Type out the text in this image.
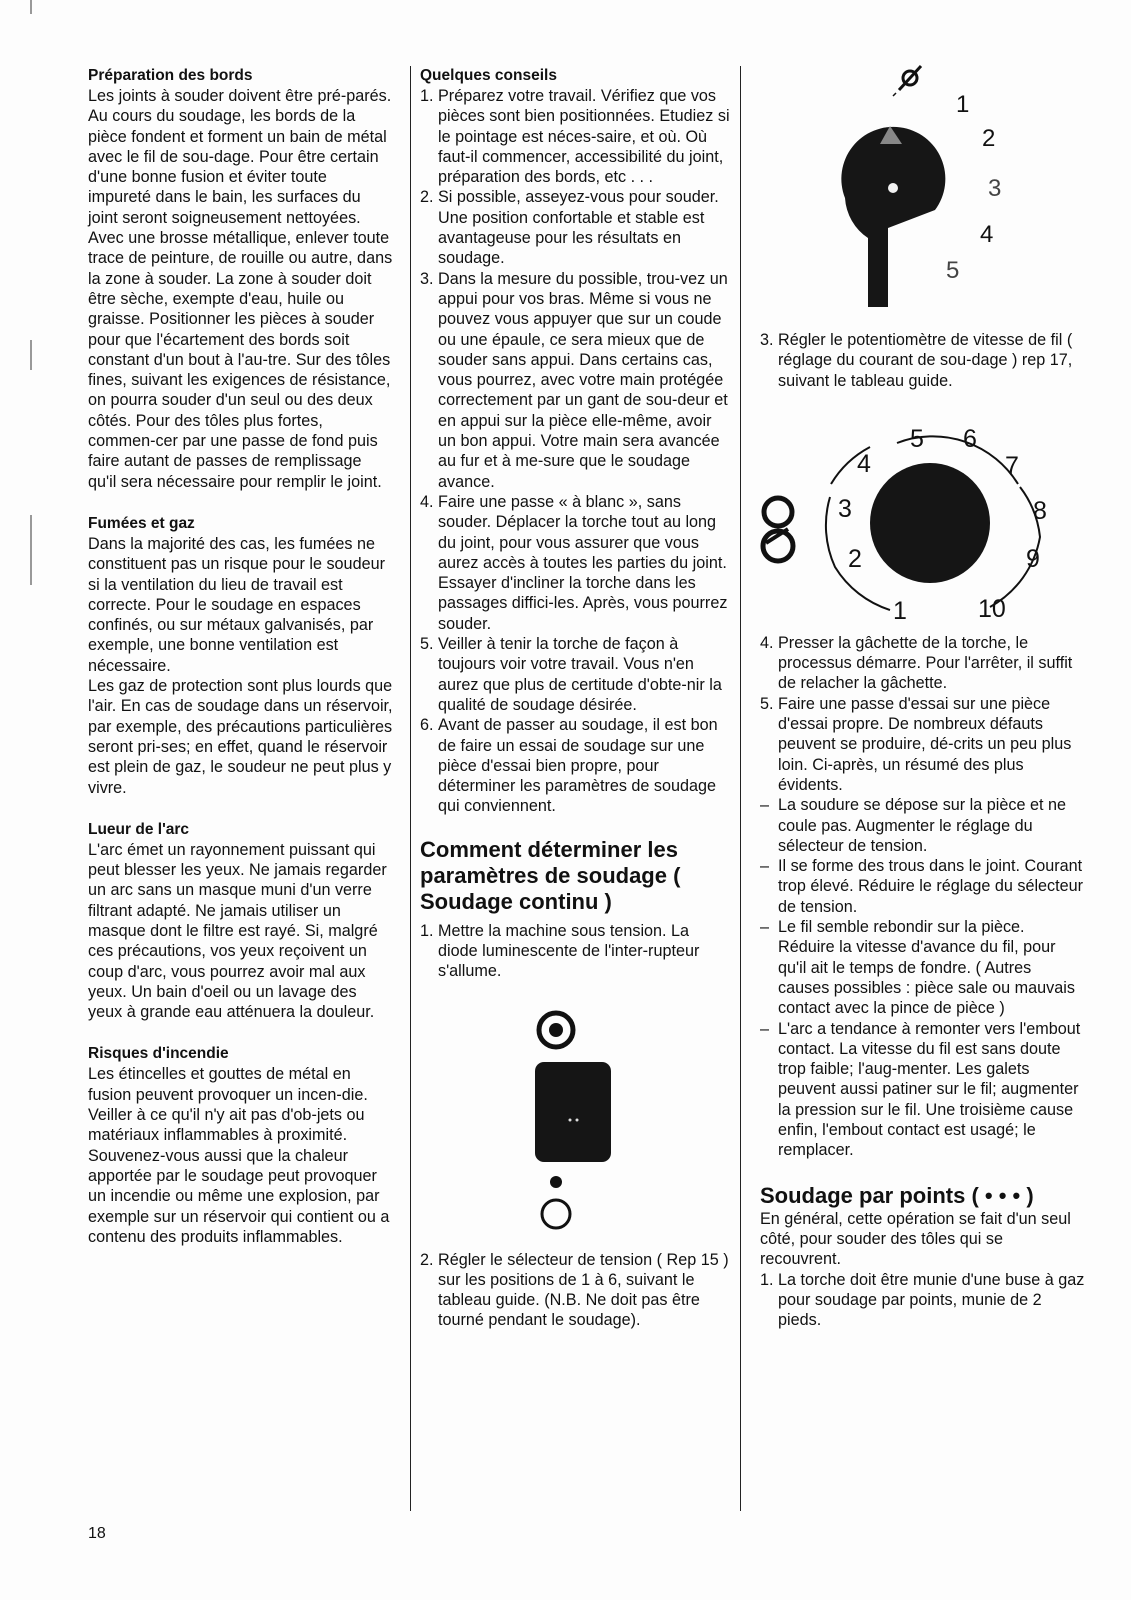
Préparation des bords

Les joints à souder doivent être pré-parés. Au cours du soudage, les bords de la pièce fondent et forment un bain de métal avec le fil de sou-dage. Pour être certain d'une bonne fusion et éviter toute impureté dans le bain, les surfaces du joint seront soigneusement nettoyées. Avec une brosse métallique, enlever toute trace de peinture, de rouille ou autre, dans la zone à souder. La zone à souder doit être sèche, exempte d'eau, huile ou graisse. Positionner les pièces à souder pour que l'écartement des bords soit constant d'un bout à l'au-tre. Sur des tôles fines, suivant les exigences de résistance, on pourra souder d'un seul ou des deux côtés. Pour des tôles plus fortes, commen-cer par une passe de fond puis faire autant de passes de remplissage qu'il sera nécessaire pour remplir le joint.

Fumées et gaz

Dans la majorité des cas, les fumées ne constituent pas un risque pour le soudeur si la ventilation du lieu de travail est correcte. Pour le soudage en espaces confinés, ou sur métaux galvanisés, par exemple, une bonne ventilation est nécessaire.

Les gaz de protection sont plus lourds que l'air. En cas de soudage dans un réservoir, par exemple, des précautions particulières seront pri-ses; en effet, quand le réservoir est plein de gaz, le soudeur ne peut plus y vivre.

Lueur de l'arc

L'arc émet un rayonnement puissant qui peut blesser les yeux. Ne jamais regarder un arc sans un masque muni d'un verre filtrant adapté. Ne jamais utiliser un masque dont le filtre est rayé. Si, malgré ces précautions, vos yeux reçoivent un coup d'arc, vous pourrez avoir mal aux yeux. Un bain d'oeil ou un lavage des yeux à grande eau atténuera la douleur.

Risques d'incendie

Les étincelles et gouttes de métal en fusion peuvent provoquer un incen-die. Veiller à ce qu'il n'y ait pas d'ob-jets ou matériaux inflammables à proximité. Souvenez-vous aussi que la chaleur apportée par le soudage peut provoquer un incendie ou même une explosion, par exemple sur un réservoir qui contient ou a contenu des produits inflammables.

Quelques conseils
1. Préparez votre travail. Vérifiez que vos pièces sont bien positionnées. Etudiez si le pointage est néces-saire, et où. Où faut-il commencer, accessibilité du joint, préparation des bords, etc . . .
2. Si possible, asseyez-vous pour souder. Une position confortable et stable est avantageuse pour les résultats en soudage.
3. Dans la mesure du possible, trou-vez un appui pour vos bras. Même si vous ne pouvez vous appuyer que sur un coude ou une épaule, ce sera mieux que de souder sans appui. Dans certains cas, vous pourrez, avec votre main protégée correctement par un gant de sou-deur et en appui sur la pièce elle-même, avoir un bon appui. Votre main sera avancée au fur et à me-sure que le soudage avance.
4. Faire une passe « à blanc », sans souder. Déplacer la torche tout au long du joint, pour vous assurer que vous aurez accès à toutes les parties du joint. Essayer d'incliner la torche dans les passages diffici-les. Après, vous pourrez souder.
5. Veiller à tenir la torche de façon à toujours voir votre travail. Vous n'en aurez que plus de certitude d'obte-nir la qualité de soudage désirée.
6. Avant de passer au soudage, il est bon de faire un essai de soudage sur une pièce d'essai bien propre, pour déterminer les paramètres de soudage qui conviennent.
Comment déterminer les paramètres de soudage ( Soudage continu )
1. Mettre la machine sous tension. La diode luminescente de l'inter-rupteur s'allume.
2. Régler le sélecteur de tension ( Rep 15 ) sur les positions de 1 à 6, suivant le tableau guide. (N.B. Ne doit pas être tourné pendant le soudage).
1
2
3
4
5
3. Régler le potentiomètre de vitesse de fil ( réglage du courant de sou-dage ) rep 17, suivant le tableau guide.
1
2
3
4
5 6
7
8
9
10
4. Presser la gâchette de la torche, le processus démarre. Pour l'arrêter, il suffit de relacher la gâchette.
5. Faire une passe d'essai sur une pièce d'essai propre. De nombreux défauts peuvent se produire, dé-crits un peu plus loin. Ci-après, un résumé des plus évidents.
– La soudure se dépose sur la pièce et ne coule pas. Augmenter le réglage du sélecteur de tension.
– Il se forme des trous dans le joint. Courant trop élevé. Réduire le réglage du sélecteur de tension.
– Le fil semble rebondir sur la pièce. Réduire la vitesse d'avance du fil, pour qu'il ait le temps de fondre. ( Autres causes possibles : pièce sale ou mauvais contact avec la pince de pièce )
– L'arc a tendance à remonter vers l'embout contact. La vitesse du fil est sans doute trop faible; l'aug-menter. Les galets peuvent aussi patiner sur le fil; augmenter la pression sur le fil. Une troisième cause enfin, l'embout contact est usagé; le remplacer.
Soudage par points ( • • • )

En général, cette opération se fait d'un seul côté, pour souder des tôles qui se recouvrent.

1. La torche doit être munie d'une buse à gaz pour soudage par points, munie de 2 pieds.
18
